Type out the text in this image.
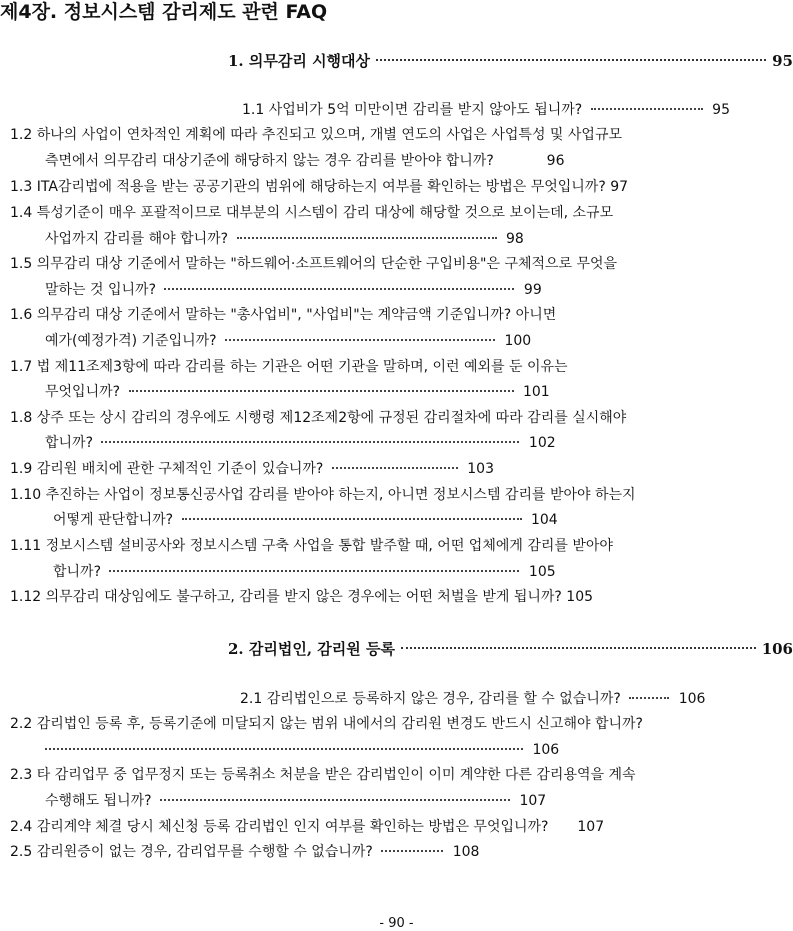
제4장. 정보시스템 감리제도 관련 FAQ
1. 의무감리 시행대상	95
1.1 사업비가 5억 미만이면 감리를 받지 않아도 됩니까?	95
1.2 하나의 사업이 연차적인 계획에 따라 추진되고 있으며, 개별 연도의 사업은 사업특성 및 사업규모
측면에서 의무감리 대상기준에 해당하지 않는 경우 감리를 받아야 합니까?	96
1.3 ITA감리법에 적용을 받는 공공기관의 범위에 해당하는지 여부를 확인하는 방법은 무엇입니까? 97
1.4 특성기준이 매우 포괄적이므로 대부분의 시스템이 감리 대상에 해당할 것으로 보이는데, 소규모
사업까지 감리를 해야 합니까?	98
1.5 의무감리 대상 기준에서 말하는 "하드웨어·소프트웨어의 단순한 구입비용"은 구체적으로 무엇을
말하는 것 입니까?	99
1.6 의무감리 대상 기준에서 말하는 "총사업비", "사업비"는 계약금액 기준입니까? 아니면
예가(예정가격) 기준입니까?	100
1.7 법 제11조제3항에 따라 감리를 하는 기관은 어떤 기관을 말하며, 이런 예외를 둔 이유는
무엇입니까?	101
1.8 상주 또는 상시 감리의 경우에도 시행령 제12조제2항에 규정된 감리절차에 따라 감리를 실시해야
합니까?	102
1.9 감리원 배치에 관한 구체적인 기준이 있습니까?	103
1.10 추진하는 사업이 정보통신공사업 감리를 받아야 하는지, 아니면 정보시스템 감리를 받아야 하는지
어떻게 판단합니까?	104
1.11 정보시스템 설비공사와 정보시스템 구축 사업을 통합 발주할 때, 어떤 업체에게 감리를 받아야
합니까?	105
1.12 의무감리 대상임에도 불구하고, 감리를 받지 않은 경우에는 어떤 처벌을 받게 됩니까? 105
2. 감리법인, 감리원 등록	106
2.1 감리법인으로 등록하지 않은 경우, 감리를 할 수 없습니까?	106
2.2 감리법인 등록 후, 등록기준에 미달되지 않는 범위 내에서의 감리원 변경도 반드시 신고해야 합니까?
106
2.3 타 감리업무 중 업무정지 또는 등록취소 처분을 받은 감리법인이 이미 계약한 다른 감리용역을 계속
수행해도 됩니까?	107
2.4 감리계약 체결 당시 체신청 등록 감리법인 인지 여부를 확인하는 방법은 무엇입니까? 107
2.5 감리원증이 없는 경우, 감리업무를 수행할 수 없습니까?	108
- 90 -
